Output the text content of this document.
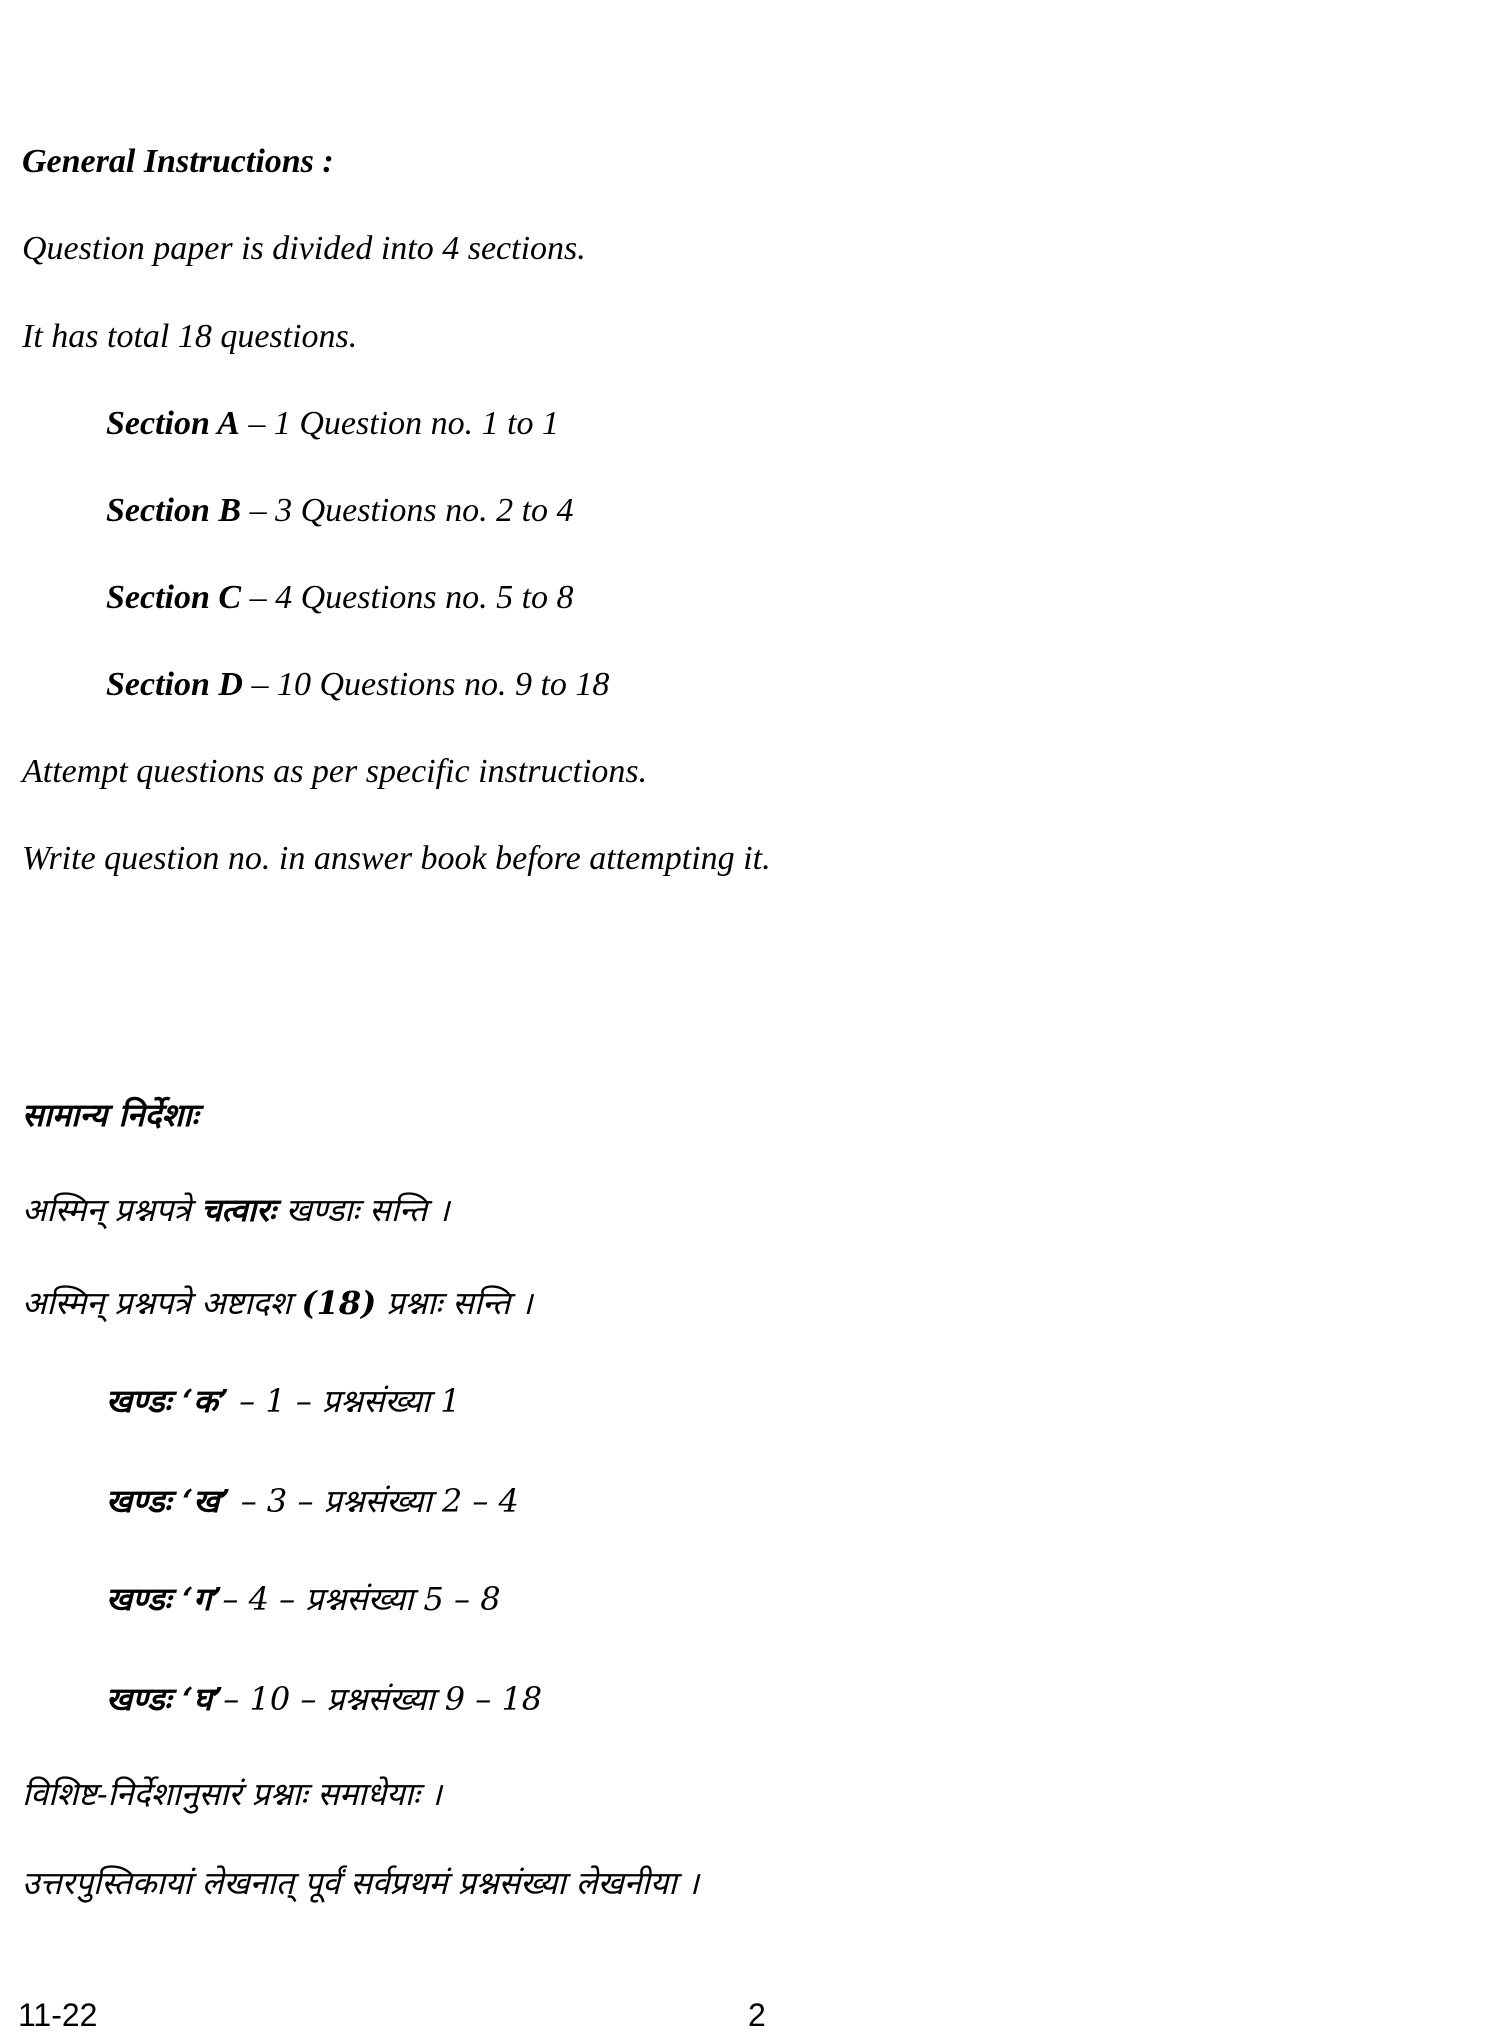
General Instructions :
Question paper is divided into 4 sections.
It has total 18 questions.
Section A – 1 Question no. 1 to 1
Section B – 3 Questions no. 2 to 4
Section C – 4 Questions no. 5 to 8
Section D – 10 Questions no. 9 to 18
Attempt questions as per specific instructions.
Write question no. in answer book before attempting it.
सामान्य निर्देशाः
अस्मिन् प्रश्नपत्रे चत्वारः खण्डाः सन्ति ।
अस्मिन् प्रश्नपत्रे अष्टादश (18) प्रश्नाः सन्ति ।
खण्डः ‘क’ – 1 – प्रश्नसंख्या 1
खण्डः ‘ख’ – 3 – प्रश्नसंख्या 2 – 4
खण्डः ‘ग’– 4 – प्रश्नसंख्या 5 – 8
खण्डः ‘घ’– 10 – प्रश्नसंख्या 9 – 18
विशिष्ट-निर्देशानुसारं प्रश्नाः समाधेयाः ।
उत्तरपुस्तिकायां लेखनात् पूर्वं सर्वप्रथमं प्रश्नसंख्या लेखनीया ।
11-22	2
